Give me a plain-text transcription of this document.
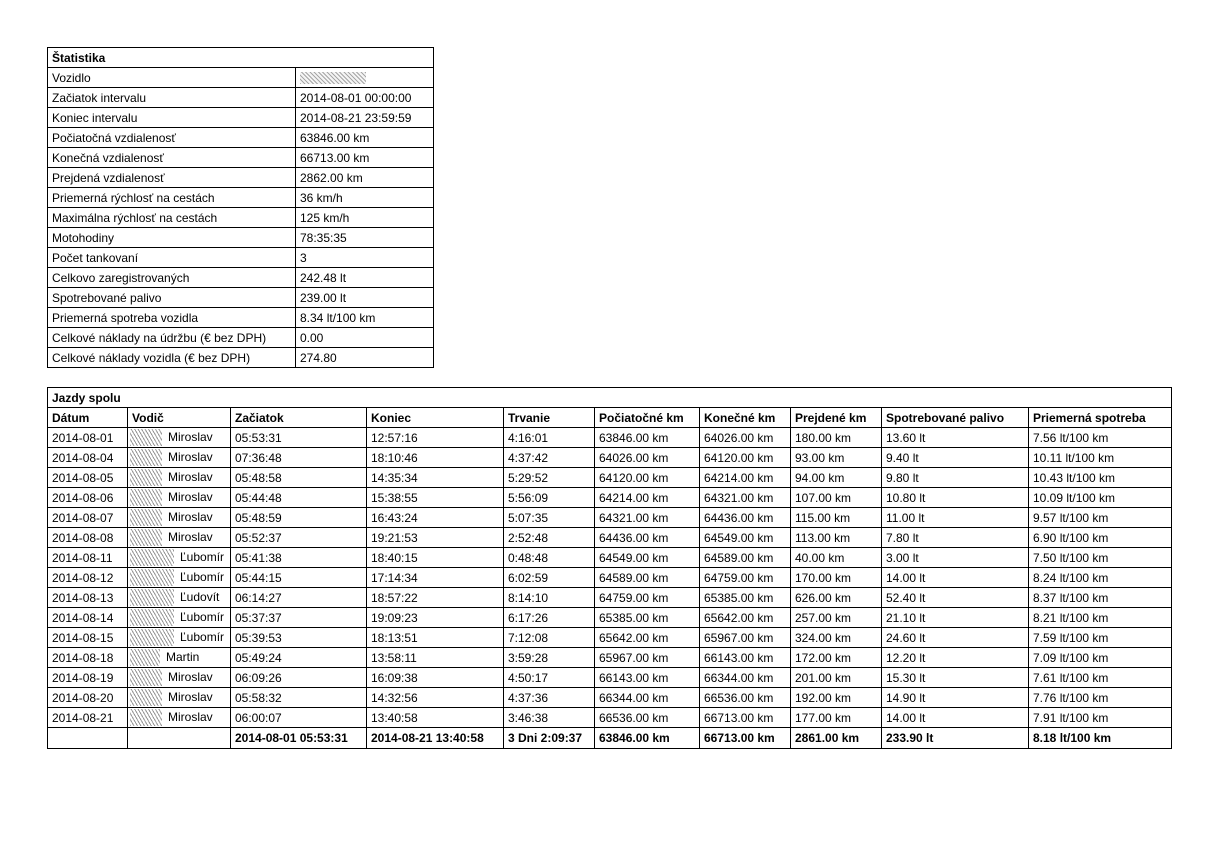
Štatistika	
Vozidlo	
Začiatok intervalu	2014-08-01 00:00:00
Koniec intervalu	2014-08-21 23:59:59
Počiatočná vzdialenosť	63846.00 km
Konečná vzdialenosť	66713.00 km
Prejdená vzdialenosť	2862.00 km
Priemerná rýchlosť na cestách	36 km/h
Maximálna rýchlosť na cestách	125 km/h
Motohodiny	78:35:35
Počet tankovaní	3
Celkovo zaregistrovaných	242.48 lt
Spotrebované palivo	239.00 lt
Priemerná spotreba vozidla	8.34 lt/100 km
Celkové náklady na údržbu (€ bez DPH)	0.00
Celkové náklady vozidla (€ bez DPH)	274.80
Jazdy spolu									
Dátum	Vodič	Začiatok	Koniec	Trvanie	Počiatočné km	Konečné km	Prejdené km	Spotrebované palivo	Priemerná spotreba
2014-08-01	Miroslav	05:53:31	12:57:16	4:16:01	63846.00 km	64026.00 km	180.00 km	13.60 lt	7.56 lt/100 km
2014-08-04	Miroslav	07:36:48	18:10:46	4:37:42	64026.00 km	64120.00 km	93.00 km	9.40 lt	10.11 lt/100 km
2014-08-05	Miroslav	05:48:58	14:35:34	5:29:52	64120.00 km	64214.00 km	94.00 km	9.80 lt	10.43 lt/100 km
2014-08-06	Miroslav	05:44:48	15:38:55	5:56:09	64214.00 km	64321.00 km	107.00 km	10.80 lt	10.09 lt/100 km
2014-08-07	Miroslav	05:48:59	16:43:24	5:07:35	64321.00 km	64436.00 km	115.00 km	11.00 lt	9.57 lt/100 km
2014-08-08	Miroslav	05:52:37	19:21:53	2:52:48	64436.00 km	64549.00 km	113.00 km	7.80 lt	6.90 lt/100 km
2014-08-11	Ľubomír	05:41:38	18:40:15	0:48:48	64549.00 km	64589.00 km	40.00 km	3.00 lt	7.50 lt/100 km
2014-08-12	Ľubomír	05:44:15	17:14:34	6:02:59	64589.00 km	64759.00 km	170.00 km	14.00 lt	8.24 lt/100 km
2014-08-13	Ľudovít	06:14:27	18:57:22	8:14:10	64759.00 km	65385.00 km	626.00 km	52.40 lt	8.37 lt/100 km
2014-08-14	Ľubomír	05:37:37	19:09:23	6:17:26	65385.00 km	65642.00 km	257.00 km	21.10 lt	8.21 lt/100 km
2014-08-15	Ľubomír	05:39:53	18:13:51	7:12:08	65642.00 km	65967.00 km	324.00 km	24.60 lt	7.59 lt/100 km
2014-08-18	Martin	05:49:24	13:58:11	3:59:28	65967.00 km	66143.00 km	172.00 km	12.20 lt	7.09 lt/100 km
2014-08-19	Miroslav	06:09:26	16:09:38	4:50:17	66143.00 km	66344.00 km	201.00 km	15.30 lt	7.61 lt/100 km
2014-08-20	Miroslav	05:58:32	14:32:56	4:37:36	66344.00 km	66536.00 km	192.00 km	14.90 lt	7.76 lt/100 km
2014-08-21	Miroslav	06:00:07	13:40:58	3:46:38	66536.00 km	66713.00 km	177.00 km	14.00 lt	7.91 lt/100 km
		2014-08-01 05:53:31	2014-08-21 13:40:58	3 Dni 2:09:37	63846.00 km	66713.00 km	2861.00 km	233.90 lt	8.18 lt/100 km
